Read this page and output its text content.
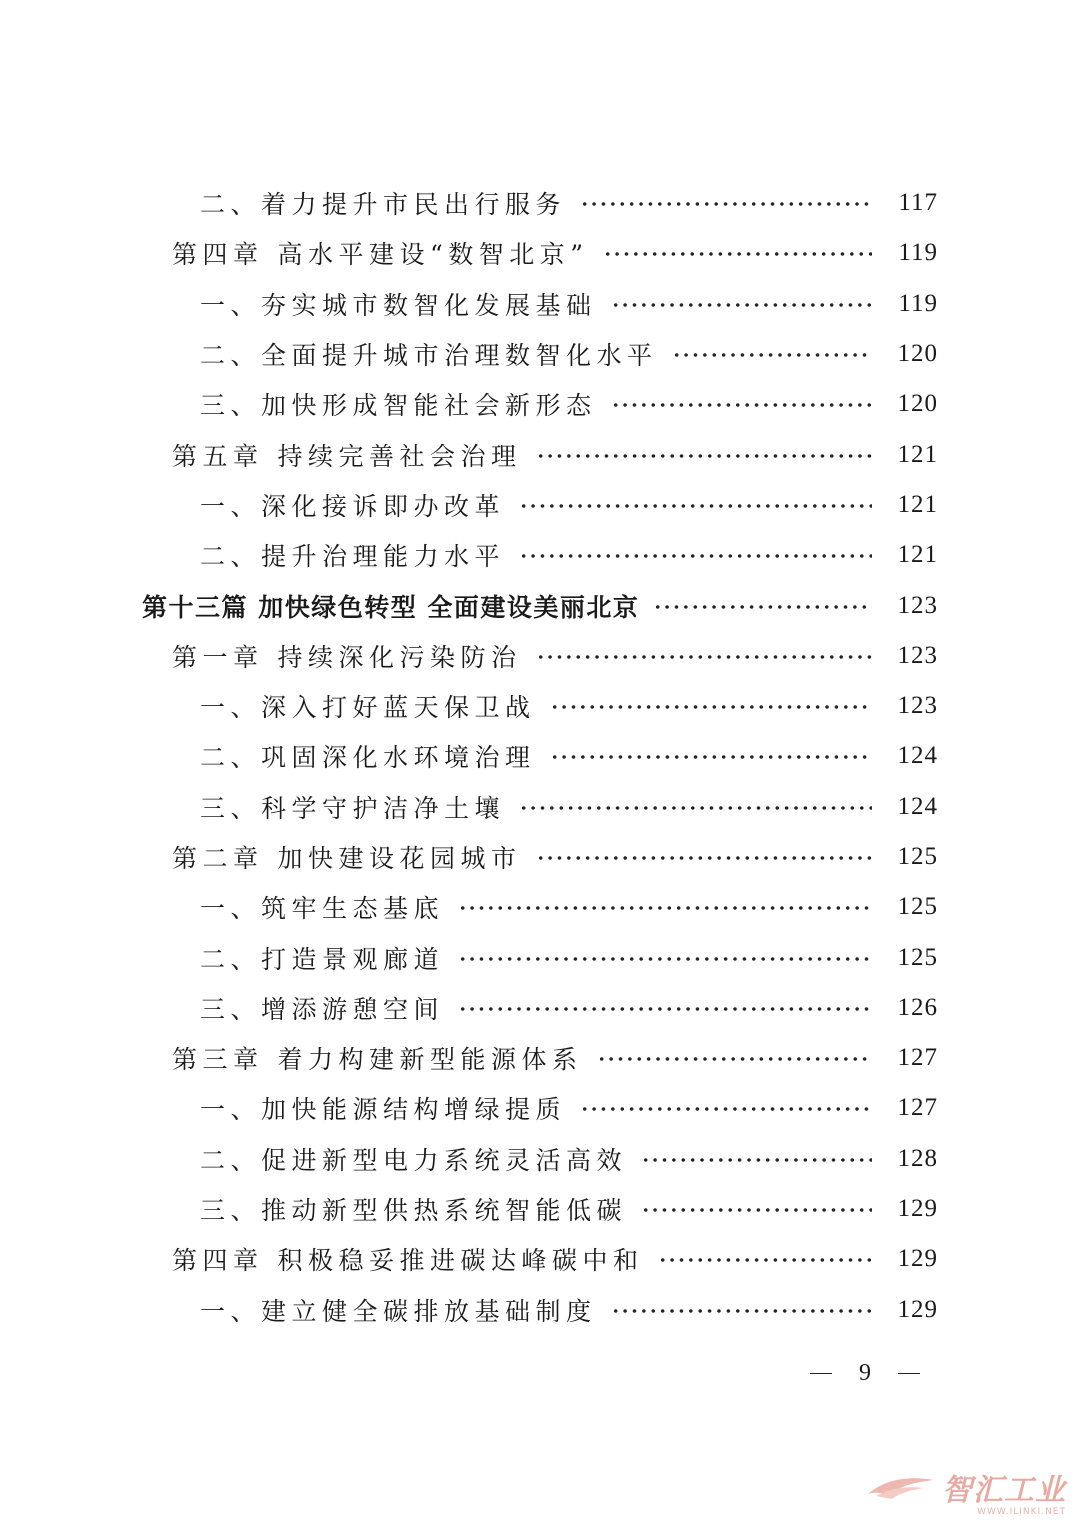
二、着力提升市民出行服务	117
第四章 高水平建设“数智北京”	119
一、夯实城市数智化发展基础	119
二、全面提升城市治理数智化水平	120
三、加快形成智能社会新形态	120
第五章 持续完善社会治理	121
一、深化接诉即办改革	121
二、提升治理能力水平	121
第十三篇 加快绿色转型 全面建设美丽北京	123
第一章 持续深化污染防治	123
一、深入打好蓝天保卫战	123
二、巩固深化水环境治理	124
三、科学守护洁净土壤	124
第二章 加快建设花园城市	125
一、筑牢生态基底	125
二、打造景观廊道	125
三、增添游憩空间	126
第三章 着力构建新型能源体系	127
一、加快能源结构增绿提质	127
二、促进新型电力系统灵活高效	128
三、推动新型供热系统智能低碳	129
第四章 积极稳妥推进碳达峰碳中和	129
一、建立健全碳排放基础制度	129
9
智汇工业
WWW.ILINKI.NET
